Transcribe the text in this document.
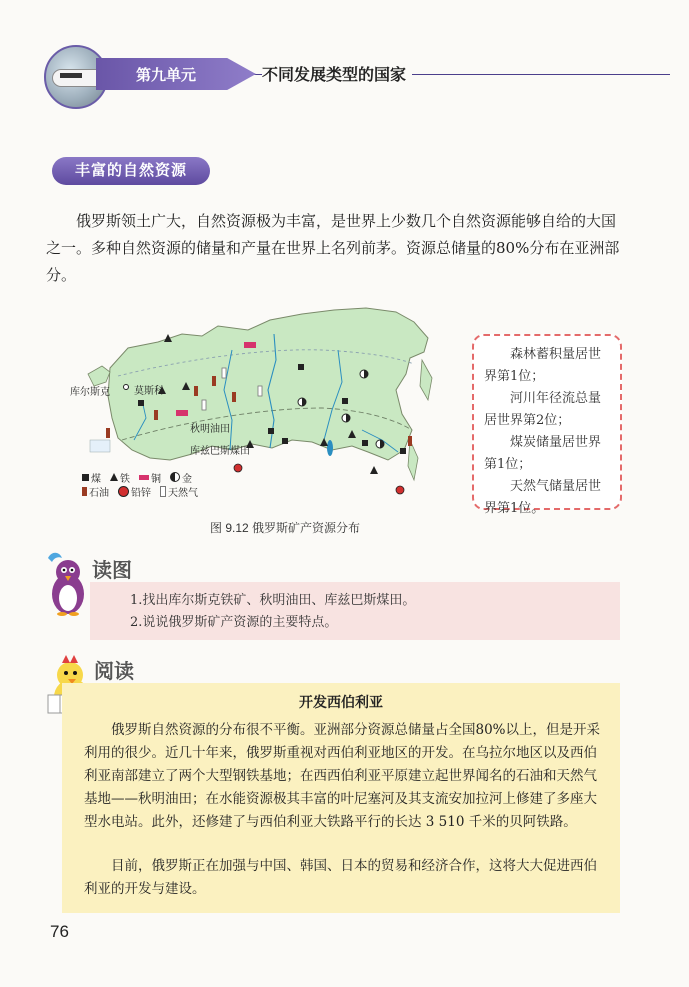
第九单元	不同发展类型的国家
丰富的自然资源

俄罗斯领土广大，自然资源极为丰富，是世界上少数几个自然资源能够自给的大国之一。多种自然资源的储量和产量在世界上名列前茅。资源总储量的80%分布在亚洲部分。

库尔斯克 莫斯科
秋明油田
库兹巴斯煤田
煤 铁 铜 金
石油 铅锌 天然气
图 9.12 俄罗斯矿产资源分布

森林蓄积量居世界第1位；

河川年径流总量居世界第2位；

煤炭储量居世界第1位；

天然气储量居世界第1位。

读图

1.找出库尔斯克铁矿、秋明油田、库兹巴斯煤田。

2.说说俄罗斯矿产资源的主要特点。

阅读
开发西伯利亚

俄罗斯自然资源的分布很不平衡。亚洲部分资源总储量占全国80%以上，但是开采利用的很少。近几十年来，俄罗斯重视对西伯利亚地区的开发。在乌拉尔地区以及西伯利亚南部建立了两个大型钢铁基地；在西西伯利亚平原建立起世界闻名的石油和天然气基地——秋明油田；在水能资源极其丰富的叶尼塞河及其支流安加拉河上修建了多座大型水电站。此外，还修建了与西伯利亚大铁路平行的长达 3 510 千米的贝阿铁路。

目前，俄罗斯正在加强与中国、韩国、日本的贸易和经济合作，这将大大促进西伯利亚的开发与建设。

76
